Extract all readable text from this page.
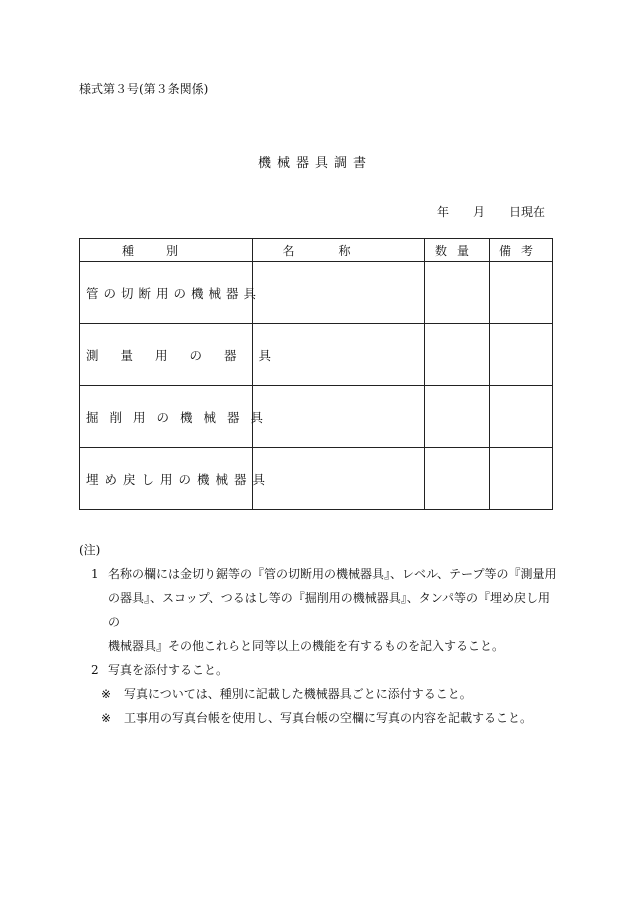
様式第３号(第３条関係)
機械器具調書
年	月	日現在
種別	名称	数量	備考

管の切断用の機械器具			

測量用の器具			

掘削用の機械器具			

埋め戻し用の機械器具			

(注)
1 名称の欄には金切り鋸等の『管の切断用の機械器具』、レベル、テープ等の『測量用
の器具』、スコップ、つるはし等の『掘削用の機械器具』、タンパ等の『埋め戻し用の
機械器具』その他これらと同等以上の機能を有するものを記入すること。
2 写真を添付すること。
※ 写真については、種別に記載した機械器具ごとに添付すること。
※ 工事用の写真台帳を使用し、写真台帳の空欄に写真の内容を記載すること。
